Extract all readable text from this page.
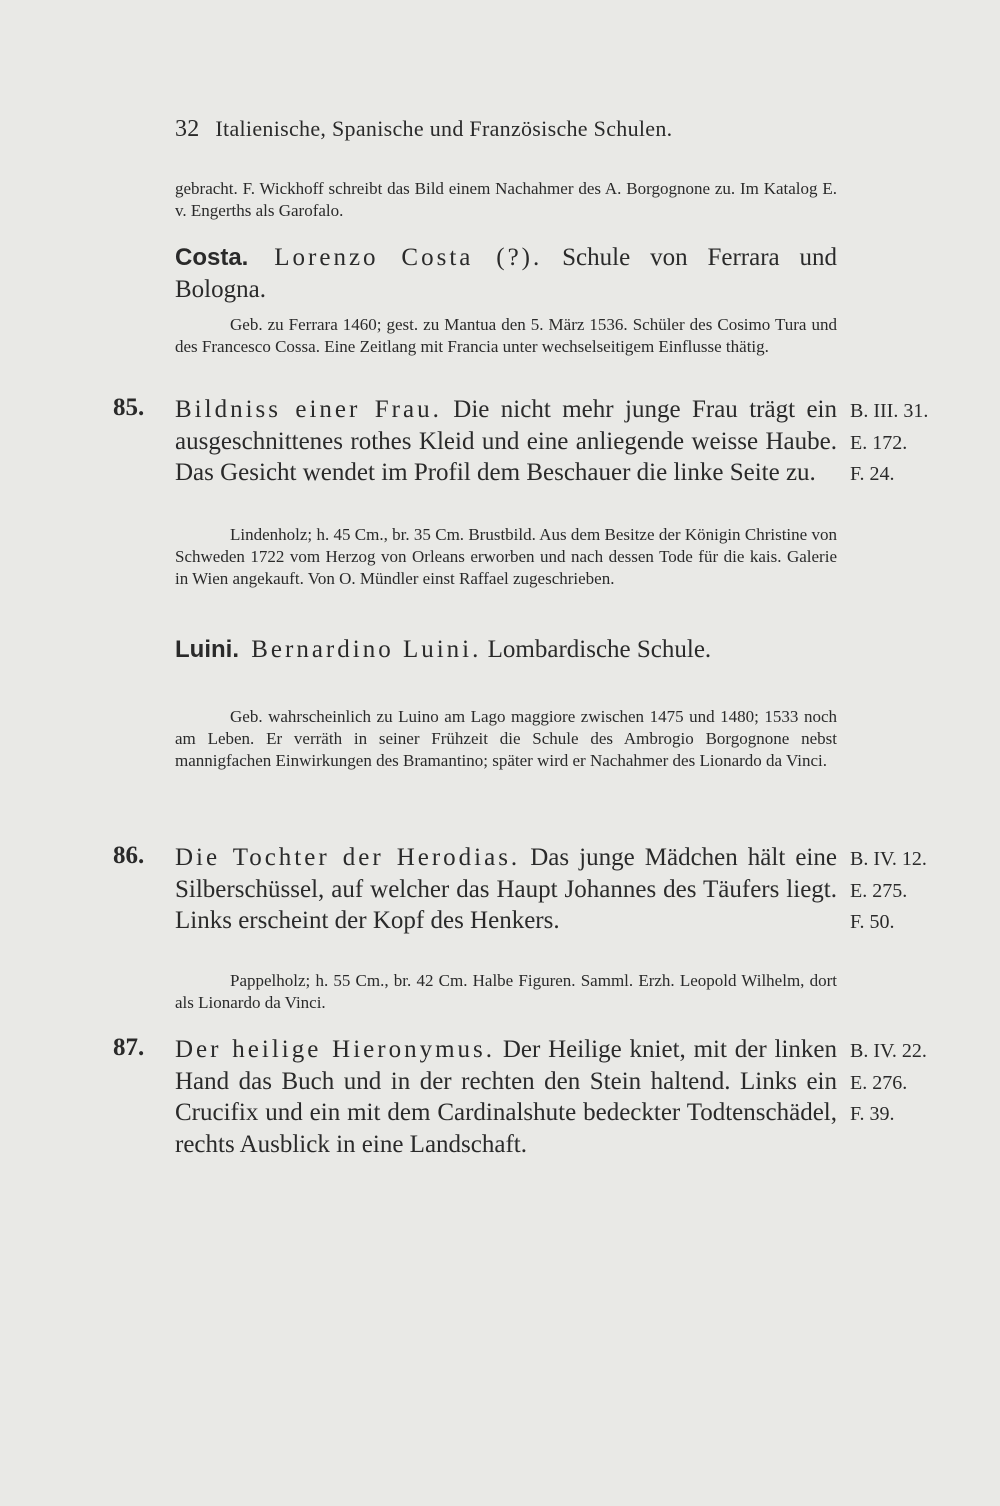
32 Italienische, Spanische und Französische Schulen.
gebracht. F. Wickhoff schreibt das Bild einem Nachahmer des A. Borgognone zu. Im Katalog E. v. Engerths als Garofalo.
Costa. Lorenzo Costa (?). Schule von Ferrara und Bologna.
Geb. zu Ferrara 1460; gest. zu Mantua den 5. März 1536. Schüler des Cosimo Tura und des Francesco Cossa. Eine Zeitlang mit Francia unter wechselseitigem Einflusse thätig.
85. Bildniss einer Frau. Die nicht mehr junge Frau trägt ein ausgeschnittenes rothes Kleid und eine anliegende weisse Haube. Das Gesicht wendet im Profil dem Beschauer die linke Seite zu.
B. III. 31.
E. 172.
F. 24.
Lindenholz; h. 45 Cm., br. 35 Cm. Brustbild. Aus dem Besitze der Königin Christine von Schweden 1722 vom Herzog von Orleans erworben und nach dessen Tode für die kais. Galerie in Wien angekauft. Von O. Mündler einst Raffael zugeschrieben.
Luini. Bernardino Luini. Lombardische Schule.
Geb. wahrscheinlich zu Luino am Lago maggiore zwischen 1475 und 1480; 1533 noch am Leben. Er verräth in seiner Frühzeit die Schule des Ambrogio Borgognone nebst mannigfachen Einwirkungen des Bramantino; später wird er Nachahmer des Lionardo da Vinci.
86. Die Tochter der Herodias. Das junge Mädchen hält eine Silberschüssel, auf welcher das Haupt Johannes des Täufers liegt. Links erscheint der Kopf des Henkers.
B. IV. 12.
E. 275.
F. 50.
Pappelholz; h. 55 Cm., br. 42 Cm. Halbe Figuren. Samml. Erzh. Leopold Wilhelm, dort als Lionardo da Vinci.
87. Der heilige Hieronymus. Der Heilige kniet, mit der linken Hand das Buch und in der rechten den Stein haltend. Links ein Crucifix und ein mit dem Cardinalshute bedeckter Todtenschädel, rechts Ausblick in eine Landschaft.
B. IV. 22.
E. 276.
F. 39.
